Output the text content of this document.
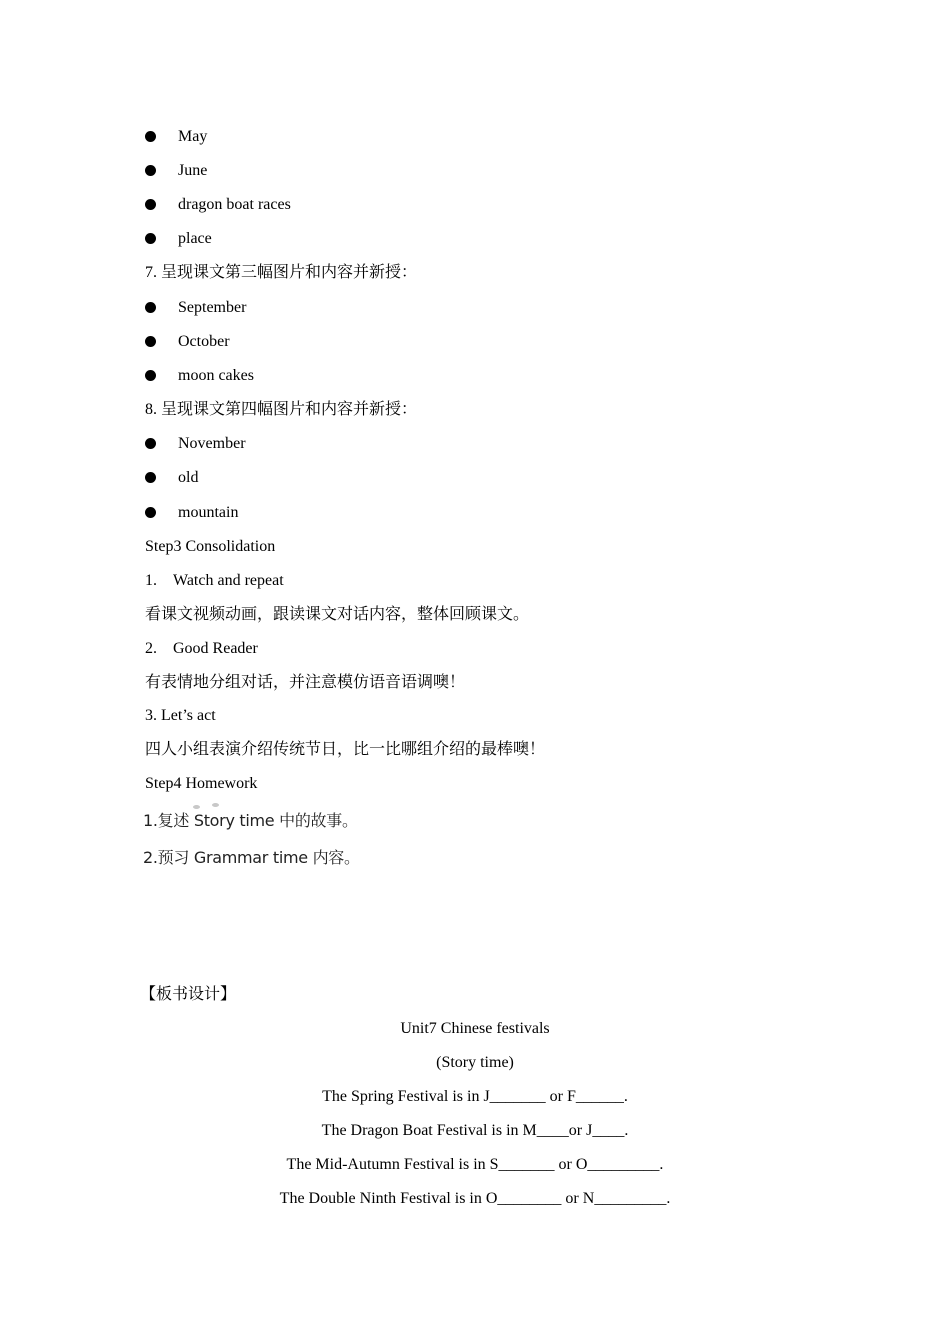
May
June
dragon boat races
place
7. 呈现课文第三幅图片和内容并新授：
September
October
moon cakes
8. 呈现课文第四幅图片和内容并新授：
November
old
mountain
Step3 Consolidation
1. Watch and repeat
看课文视频动画，跟读课文对话内容，整体回顾课文。
2. Good Reader
有表情地分组对话，并注意模仿语音语调噢！
3. Let’s act
四人小组表演介绍传统节日，比一比哪组介绍的最棒噢！
Step4 Homework
1.复述 Story time 中的故事。
2.预习 Grammar time 内容。
【板书设计】
Unit7 Chinese festivals
(Story time)
The Spring Festival is in J_______ or F______.
The Dragon Boat Festival is in M____or J____.
The Mid-Autumn Festival is in S_______ or O_________.
The Double Ninth Festival is in O________ or N_________.
